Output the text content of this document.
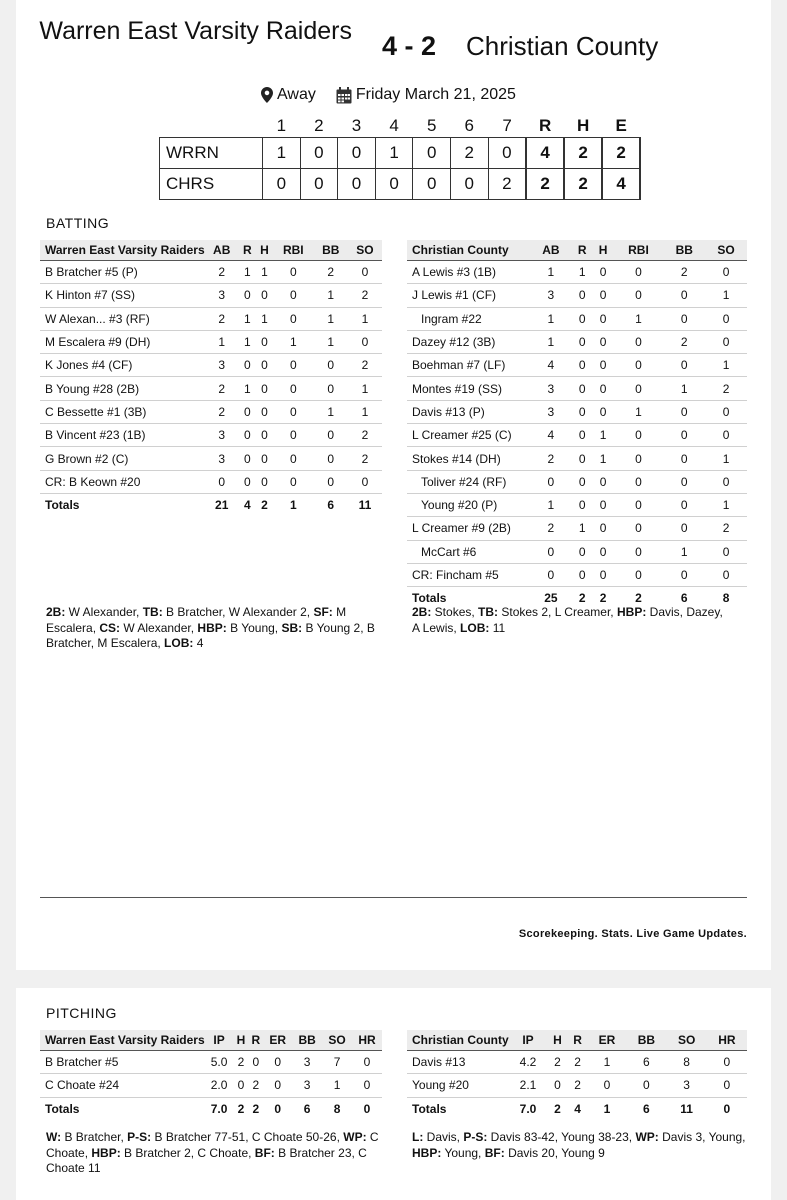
Warren East Varsity Raiders	4 - 2	Christian County
Away	Friday March 21, 2025
	1	2	3	4	5	6	7	R	H	E
WRRN	1	0	0	1	0	2	0	4	2	2
CHRS	0	0	0	0	0	0	2	2	2	4
BATTING
Warren East Varsity Raiders	AB	R	H	RBI	BB	SO
B Bratcher #5 (P)	2	1	1	0	2	0
K Hinton #7 (SS)	3	0	0	0	1	2
W Alexan... #3 (RF)	2	1	1	0	1	1
M Escalera #9 (DH)	1	1	0	1	1	0
K Jones #4 (CF)	3	0	0	0	0	2
B Young #28 (2B)	2	1	0	0	0	1
C Bessette #1 (3B)	2	0	0	0	1	1
B Vincent #23 (1B)	3	0	0	0	0	2
G Brown #2 (C)	3	0	0	0	0	2
CR: B Keown #20	0	0	0	0	0	0
Totals	21	4	2	1	6	11
Christian County	AB	R	H	RBI	BB	SO
A Lewis #3 (1B)	1	1	0	0	2	0
J Lewis #1 (CF)	3	0	0	0	0	1
Ingram #22	1	0	0	1	0	0
Dazey #12 (3B)	1	0	0	0	2	0
Boehman #7 (LF)	4	0	0	0	0	1
Montes #19 (SS)	3	0	0	0	1	2
Davis #13 (P)	3	0	0	1	0	0
L Creamer #25 (C)	4	0	1	0	0	0
Stokes #14 (DH)	2	0	1	0	0	1
Toliver #24 (RF)	0	0	0	0	0	0
Young #20 (P)	1	0	0	0	0	1
L Creamer #9 (2B)	2	1	0	0	0	2
McCart #6	0	0	0	0	1	0
CR: Fincham #5	0	0	0	0	0	0
Totals	25	2	2	2	6	8
2B: W Alexander, TB: B Bratcher, W Alexander 2, SF: M Escalera, CS: W Alexander, HBP: B Young, SB: B Young 2, B Bratcher, M Escalera, LOB: 4
2B: Stokes, TB: Stokes 2, L Creamer, HBP: Davis, Dazey, A Lewis, LOB: 11
Scorekeeping. Stats. Live Game Updates.
PITCHING
Warren East Varsity Raiders	IP	H	R	ER	BB	SO	HR
B Bratcher #5	5.0	2	0	0	3	7	0
C Choate #24	2.0	0	2	0	3	1	0
Totals	7.0	2	2	0	6	8	0
Christian County	IP	H	R	ER	BB	SO	HR
Davis #13	4.2	2	2	1	6	8	0
Young #20	2.1	0	2	0	0	3	0
Totals	7.0	2	4	1	6	11	0
W: B Bratcher, P-S: B Bratcher 77-51, C Choate 50-26, WP: C Choate, HBP: B Bratcher 2, C Choate, BF: B Bratcher 23, C Choate 11
L: Davis, P-S: Davis 83-42, Young 38-23, WP: Davis 3, Young, HBP: Young, BF: Davis 20, Young 9
